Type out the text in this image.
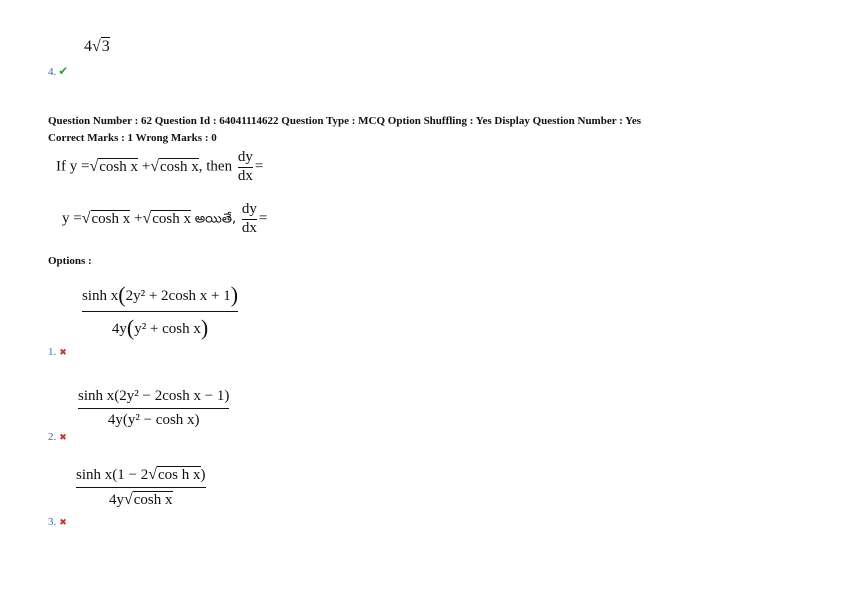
4√3
4. ✔
Question Number : 62 Question Id : 64041114622 Question Type : MCQ Option Shuffling : Yes Display Question Number : Yes
Correct Marks : 1 Wrong Marks : 0
If y =√cosh x +√cosh x, then $\frac{dy}{dx}$ =
y =√cosh x +√cosh x అయితే, $\frac{dy}{dx}$ =
Options :
$\frac{\text{sinh x(2y² + 2cosh x + 1)}}{\text{4y(y² + cosh x)}}$
1. ✖
$\frac{\text{sinh x(2y² − 2cosh x − 1)}}{\text{4y(y² − cosh x)}}$
2. ✖
$\frac{\text{sinh x(1 − 2√cos h x)}}{\text{4y√cosh x}}$
3. ✖
